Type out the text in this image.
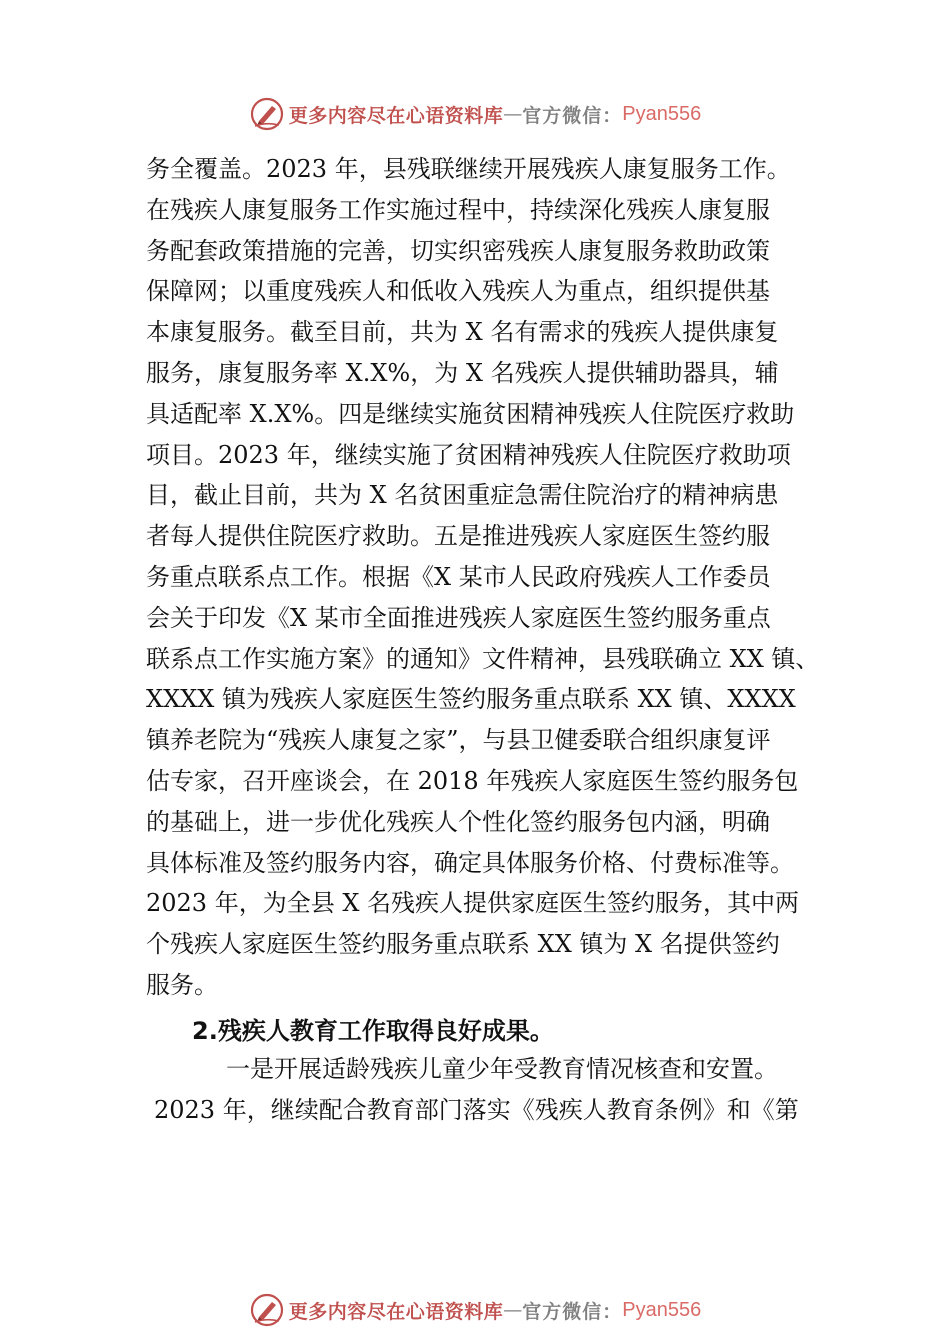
更多内容尽在心语资料库 — 官方微信： Pyan556
务全覆盖。2023 年，县残联继续开展残疾人康复服务工作。
在残疾人康复服务工作实施过程中，持续深化残疾人康复服
务配套政策措施的完善，切实织密残疾人康复服务救助政策
保障网；以重度残疾人和低收入残疾人为重点，组织提供基
本康复服务。截至目前，共为 X 名有需求的残疾人提供康复
服务，康复服务率 X.X%，为 X 名残疾人提供辅助器具，辅
具适配率 X.X%。四是继续实施贫困精神残疾人住院医疗救助
项目。2023 年，继续实施了贫困精神残疾人住院医疗救助项
目，截止目前，共为 X 名贫困重症急需住院治疗的精神病患
者每人提供住院医疗救助。五是推进残疾人家庭医生签约服
务重点联系点工作。根据《X 某市人民政府残疾人工作委员
会关于印发《X 某市全面推进残疾人家庭医生签约服务重点
联系点工作实施方案》的通知》文件精神，县残联确立 XX 镇、
XXXX 镇为残疾人家庭医生签约服务重点联系 XX 镇、XXXX
镇养老院为“残疾人康复之家”，与县卫健委联合组织康复评
估专家，召开座谈会，在 2018 年残疾人家庭医生签约服务包
的基础上，进一步优化残疾人个性化签约服务包内涵，明确
具体标准及签约服务内容，确定具体服务价格、付费标准等。
2023 年，为全县 X 名残疾人提供家庭医生签约服务，其中两
个残疾人家庭医生签约服务重点联系 XX 镇为 X 名提供签约
服务。
2.残疾人教育工作取得良好成果。
一是开展适龄残疾儿童少年受教育情况核查和安置。
2023 年，继续配合教育部门落实《残疾人教育条例》和《第
更多内容尽在心语资料库 — 官方微信： Pyan556
